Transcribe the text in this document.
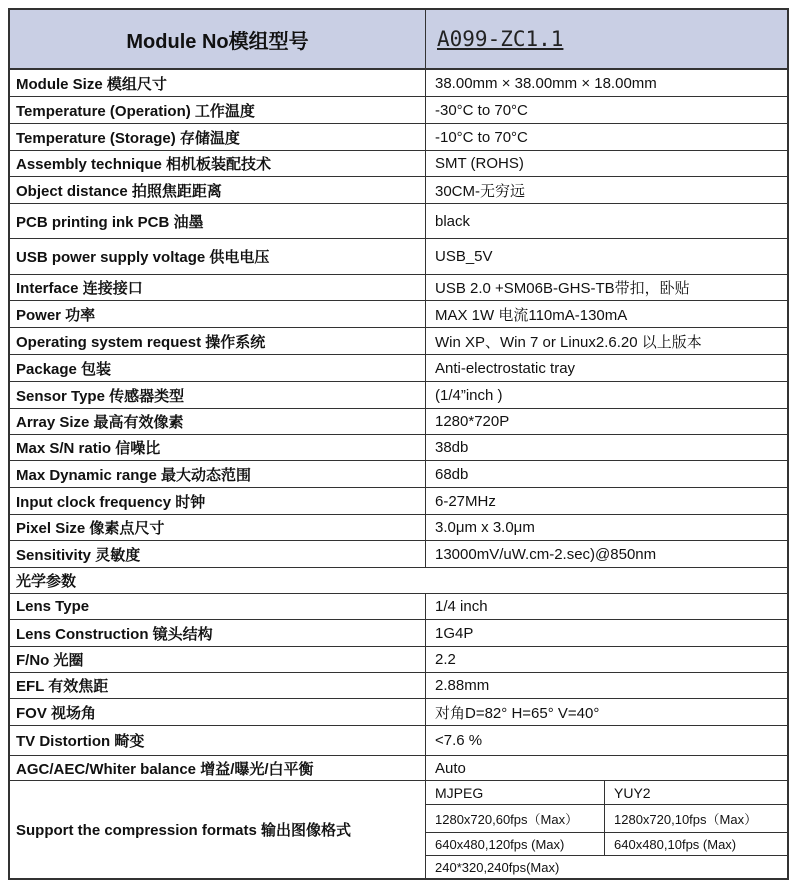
Module No模组型号	A099-ZC1.1
Module Size 模组尺寸	38.00mm × 38.00mm × 18.00mm
Temperature (Operation) 工作温度	-30°C to 70°C
Temperature (Storage) 存储温度	-10°C to 70°C
Assembly technique 相机板装配技术	SMT (ROHS)
Object distance 拍照焦距距离	30CM-无穷远
PCB printing ink PCB 油墨	black
USB power supply voltage 供电电压	USB_5V
Interface 连接接口	USB 2.0 +SM06B-GHS-TB带扣，卧贴
Power 功率	MAX 1W 电流110mA-130mA
Operating system request 操作系统	Win XP、Win 7 or Linux2.6.20 以上版本
Package 包装	Anti-electrostatic tray
Sensor Type 传感器类型	(1/4”inch )
Array Size 最高有效像素	1280*720P
Max S/N ratio 信噪比	38db
Max Dynamic range 最大动态范围	68db
Input clock frequency 时钟	6-27MHz
Pixel Size 像素点尺寸	3.0μm x 3.0μm
Sensitivity 灵敏度	13000mV/uW.cm-2.sec)@850nm
光学参数
Lens Type	1/4 inch
Lens Construction 镜头结构	1G4P
F/No 光圈	2.2
EFL 有效焦距	2.88mm
FOV 视场角	对角D=82° H=65° V=40°
TV Distortion 畸变	<7.6 %
AGC/AEC/Whiter balance 增益/曝光/白平衡	Auto
Support the compression formats 输出图像格式
MJPEG	YUY2
1280x720,60fps（Max）	1280x720,10fps（Max）
640x480,120fps (Max)	640x480,10fps (Max)
240*320,240fps(Max)
